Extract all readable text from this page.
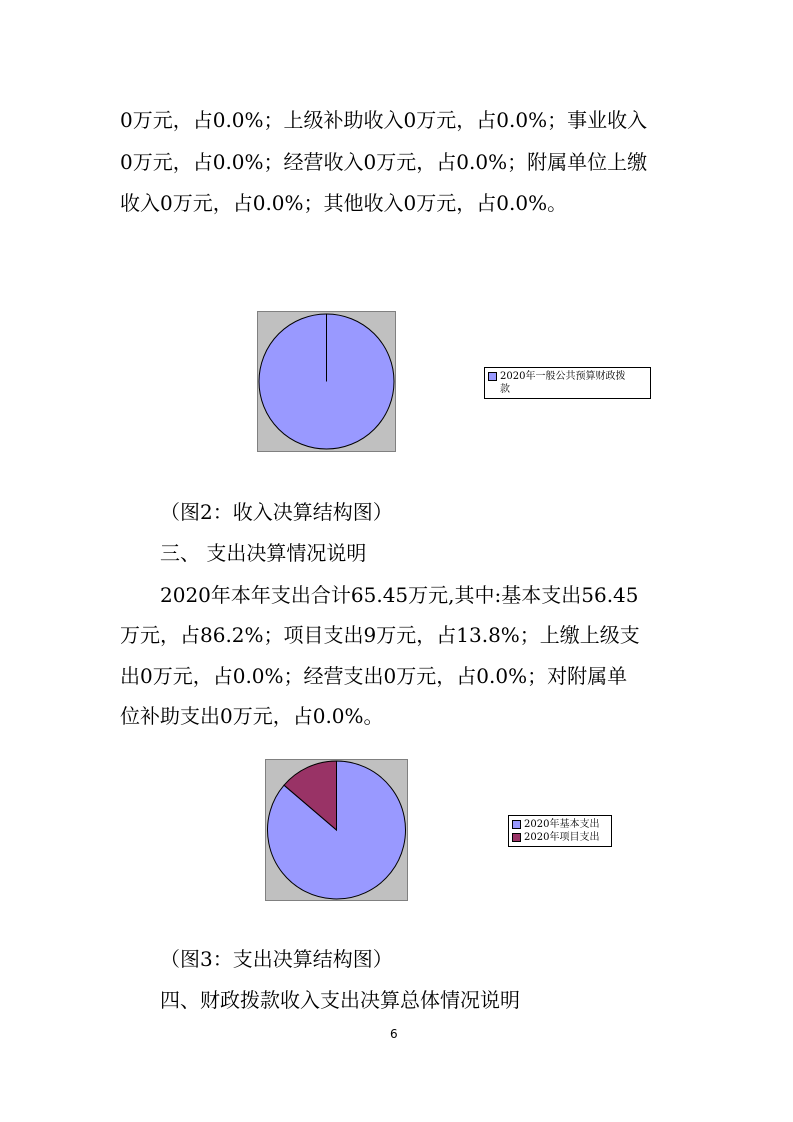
0万元，占0.0%；上级补助收入0万元，占0.0%；事业收入
0万元，占0.0%；经营收入0万元，占0.0%；附属单位上缴
收入0万元，占0.0%；其他收入0万元，占0.0%。
2020年一般公共预算财政拨
款
（图2：收入决算结构图）
三、 支出决算情况说明
2020年本年支出合计65.45万元,其中:基本支出56.45
万元，占86.2%；项目支出9万元，占13.8%；上缴上级支
出0万元，占0.0%；经营支出0万元，占0.0%；对附属单
位补助支出0万元，占0.0%。
2020年基本支出
2020年项目支出
（图3：支出决算结构图）
四、财政拨款收入支出决算总体情况说明
6
